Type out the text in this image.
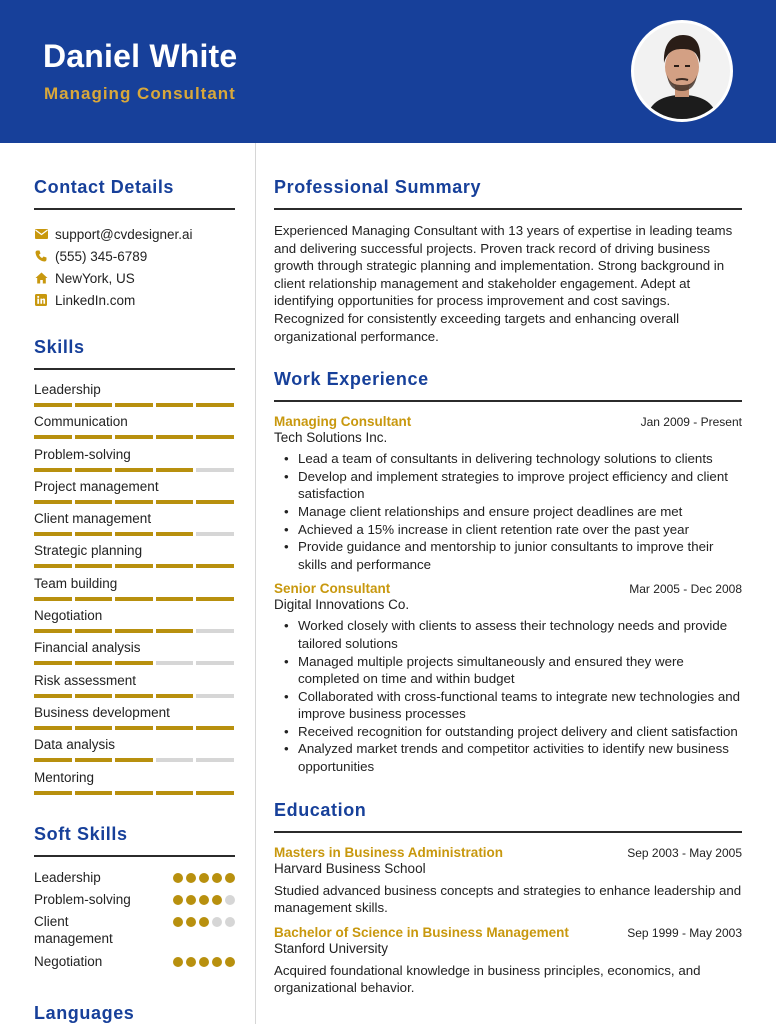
Daniel White
Managing Consultant
Contact Details
support@cvdesigner.ai
(555) 345-6789
NewYork, US
LinkedIn.com
Skills
Leadership
Communication
Problem-solving
Project management
Client management
Strategic planning
Team building
Negotiation
Financial analysis
Risk assessment
Business development
Data analysis
Mentoring
Soft Skills
Leadership
Problem-solving
Client
management
Negotiation
Languages
Professional Summary
Experienced Managing Consultant with 13 years of expertise in leading teams and delivering successful projects. Proven track record of driving business growth through strategic planning and implementation. Strong background in client relationship management and stakeholder engagement. Adept at identifying opportunities for process improvement and cost savings. Recognized for consistently exceeding targets and enhancing overall organizational performance.
Work Experience
Managing Consultant	Jan 2009 - Present
Tech Solutions Inc.
• Lead a team of consultants in delivering technology solutions to clients
• Develop and implement strategies to improve project efficiency and client satisfaction
• Manage client relationships and ensure project deadlines are met
• Achieved a 15% increase in client retention rate over the past year
• Provide guidance and mentorship to junior consultants to improve their skills and performance
Senior Consultant	Mar 2005 - Dec 2008
Digital Innovations Co.
• Worked closely with clients to assess their technology needs and provide tailored solutions
• Managed multiple projects simultaneously and ensured they were completed on time and within budget
• Collaborated with cross-functional teams to integrate new technologies and improve business processes
• Received recognition for outstanding project delivery and client satisfaction
• Analyzed market trends and competitor activities to identify new business opportunities
Education
Masters in Business Administration	Sep 2003 - May 2005
Harvard Business School
Studied advanced business concepts and strategies to enhance leadership and management skills.
Bachelor of Science in Business Management	Sep 1999 - May 2003
Stanford University
Acquired foundational knowledge in business principles, economics, and organizational behavior.
